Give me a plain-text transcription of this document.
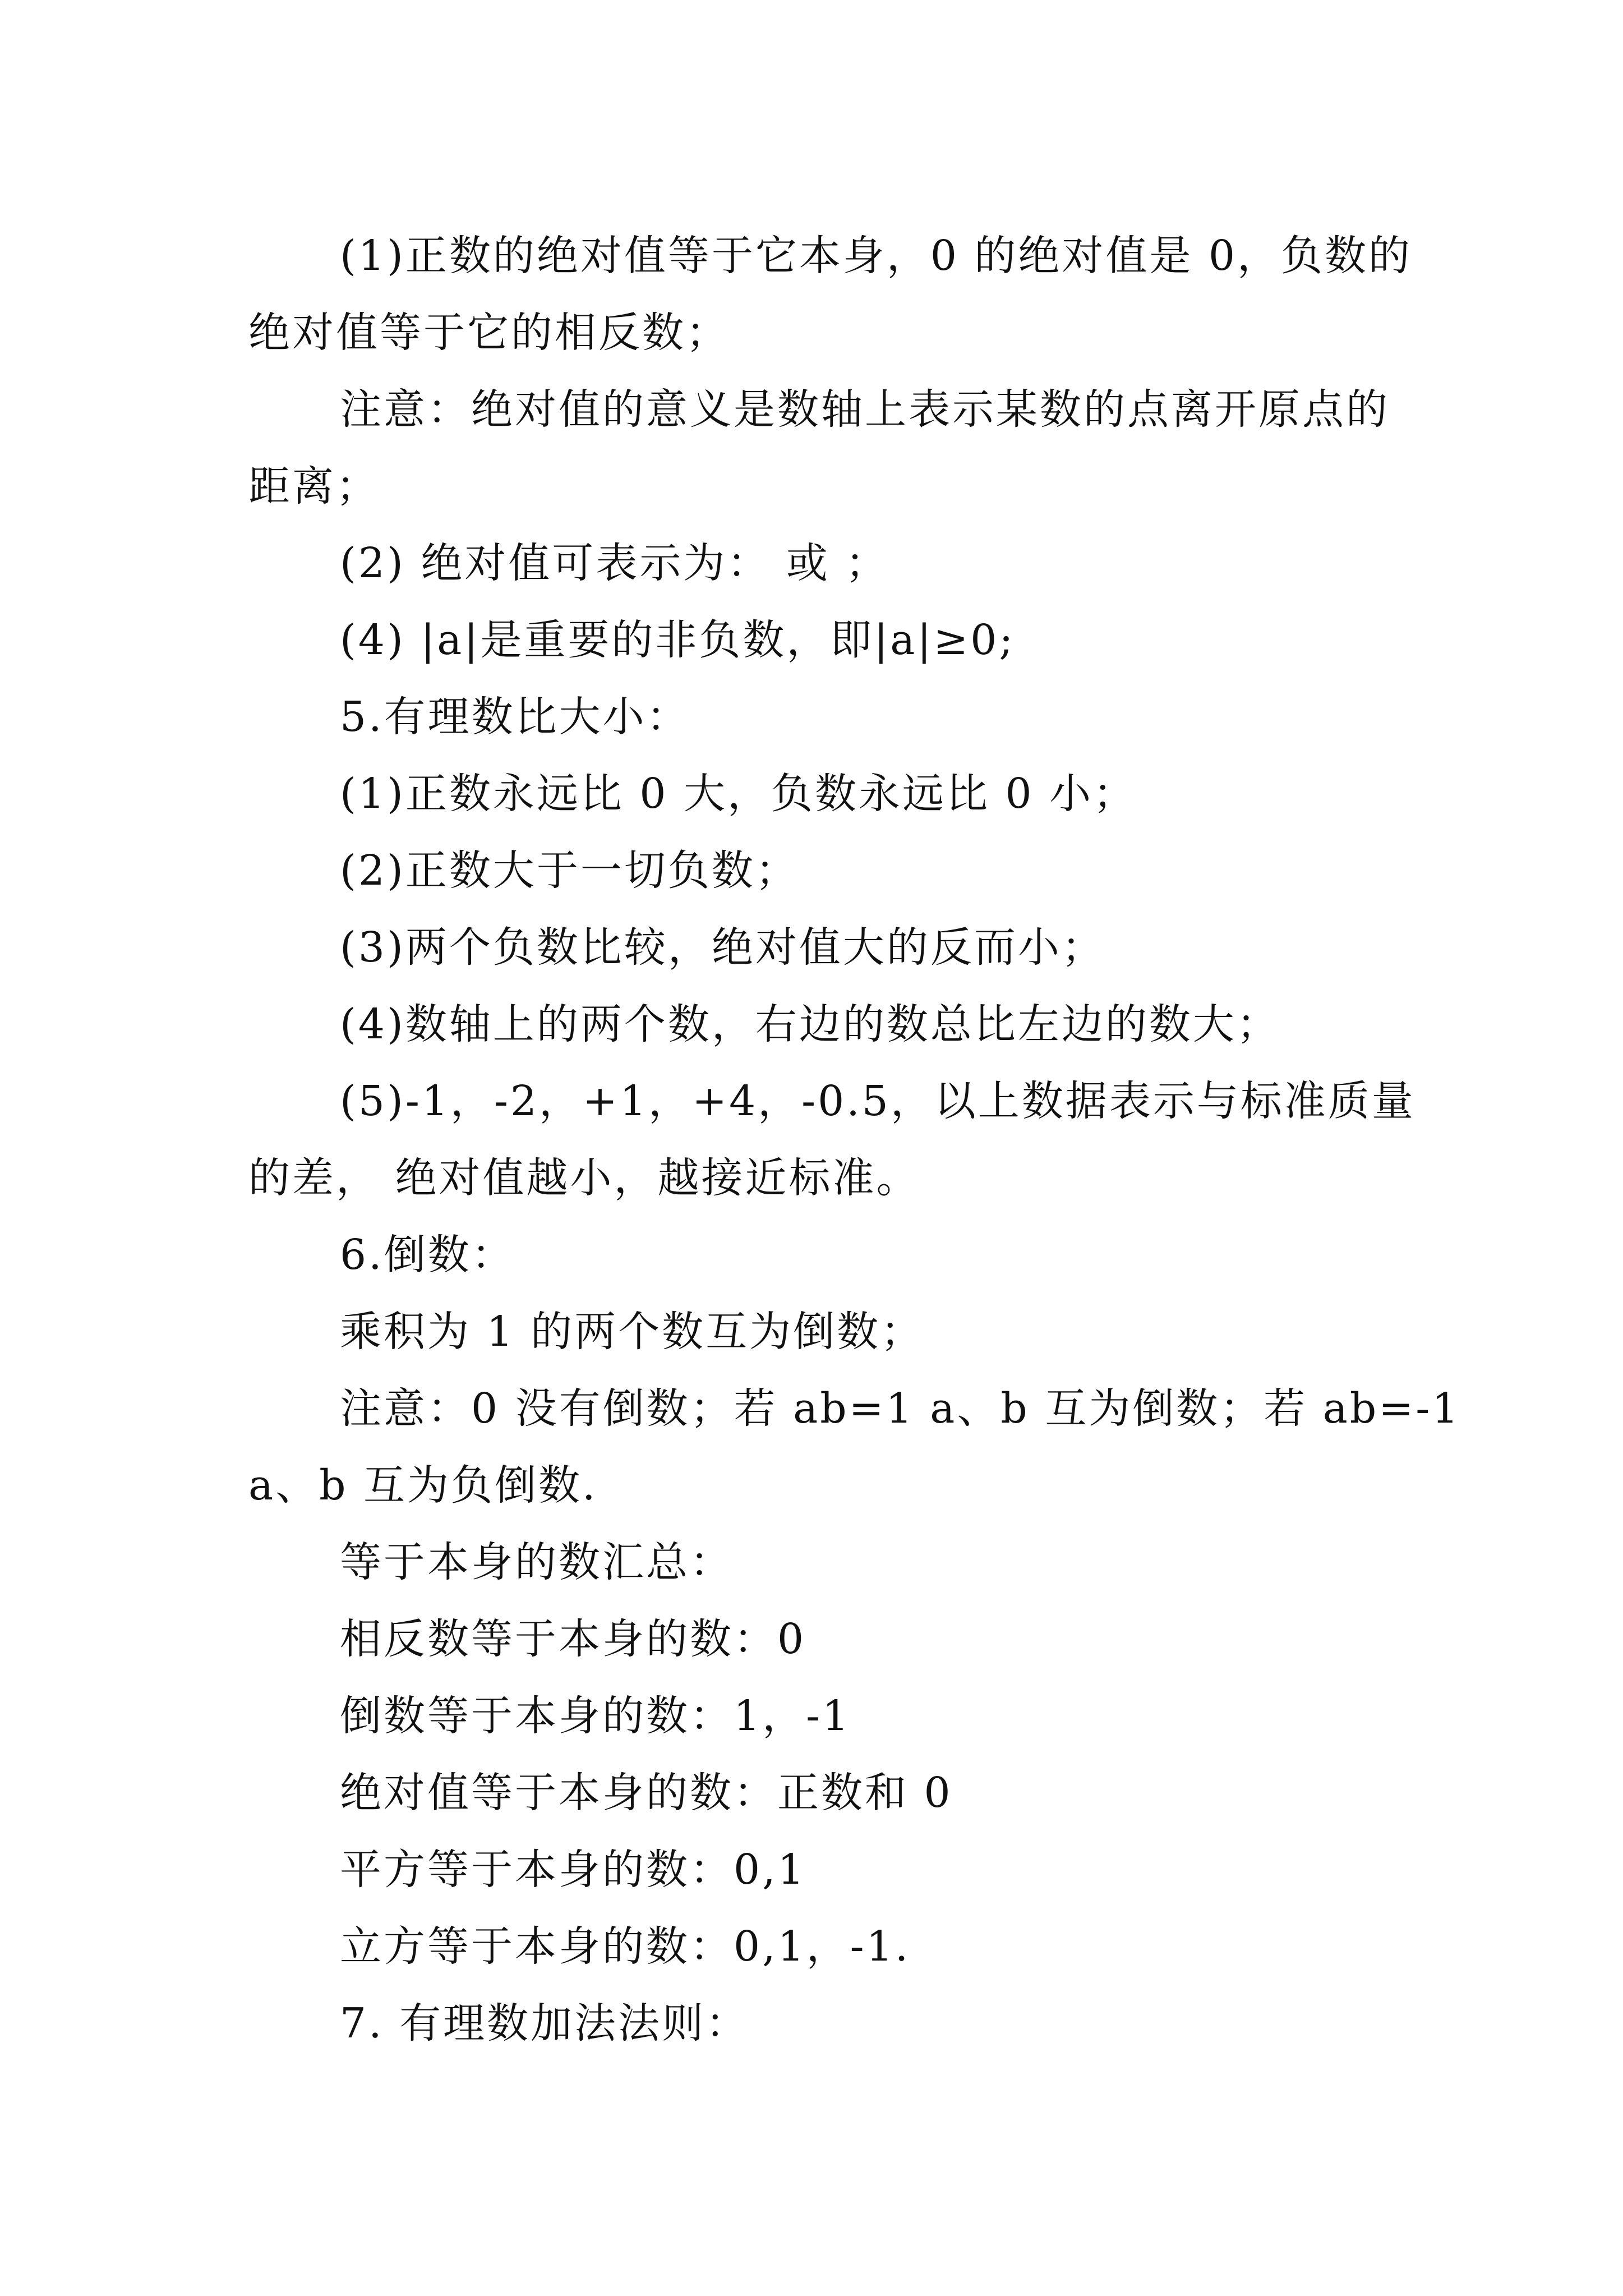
(1)正数的绝对值等于它本身，0 的绝对值是 0，负数的
绝对值等于它的相反数；
注意：绝对值的意义是数轴上表示某数的点离开原点的
距离；
(2) 绝对值可表示为： 或 ；
(4) |a|是重要的非负数，即|a|≥0;
5.有理数比大小：
(1)正数永远比 0 大，负数永远比 0 小；
(2)正数大于一切负数；
(3)两个负数比较，绝对值大的反而小；
(4)数轴上的两个数，右边的数总比左边的数大；
(5)-1，-2，+1，+4，-0.5，以上数据表示与标准质量
的差， 绝对值越小，越接近标准。
6.倒数：
乘积为 1 的两个数互为倒数；
注意：0 没有倒数；若 ab=1 a、b 互为倒数；若 ab=-1
a、b 互为负倒数.
等于本身的数汇总：
相反数等于本身的数：0
倒数等于本身的数：1，-1
绝对值等于本身的数：正数和 0
平方等于本身的数：0,1
立方等于本身的数：0,1，-1.
7. 有理数加法法则：
